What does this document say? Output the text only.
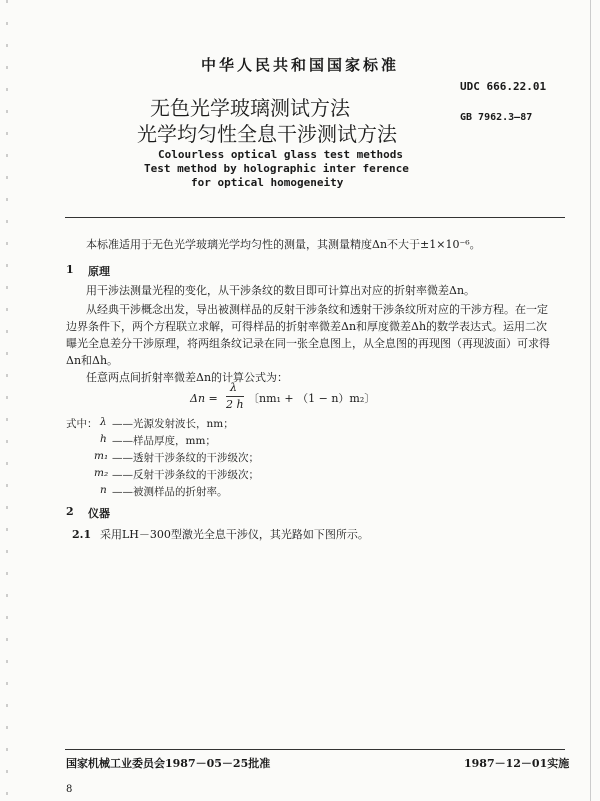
中华人民共和国国家标准
UDC 666.22.01
GB 7962.3—87
无色光学玻璃测试方法
光学均匀性全息干涉测试方法
Colourless optical glass test methods
Test method by holographic inter ference
for optical homogeneity
本标准适用于无色光学玻璃光学均匀性的测量，其测量精度Δn不大于±1×10⁻⁶。
1 原理
用干涉法测量光程的变化，从干涉条纹的数目即可计算出对应的折射率微差Δn。
从经典干涉概念出发，导出被测样品的反射干涉条纹和透射干涉条纹所对应的干涉方程。在一定
边界条件下，两个方程联立求解，可得样品的折射率微差Δn和厚度微差Δh的数学表达式。运用二次
曝光全息差分干涉原理，将两组条纹记录在同一张全息图上，从全息图的再现图（再现波面）可求得
Δn和Δh。
任意两点间折射率微差Δn的计算公式为：
Δn =
λ
2 h 〔nm₁ + （1 − n）m₂〕
式中： λ ——光源发射波长，nm；
h ——样品厚度，mm；
m₁ ——透射干涉条纹的干涉级次；
m₂ ——反射干涉条纹的干涉级次；
n ——被测样品的折射率。
2 仪器
2.1 采用LH－300型激光全息干涉仪，其光路如下图所示。
国家机械工业委员会1987－05－25批准	1987－12－01实施
8
